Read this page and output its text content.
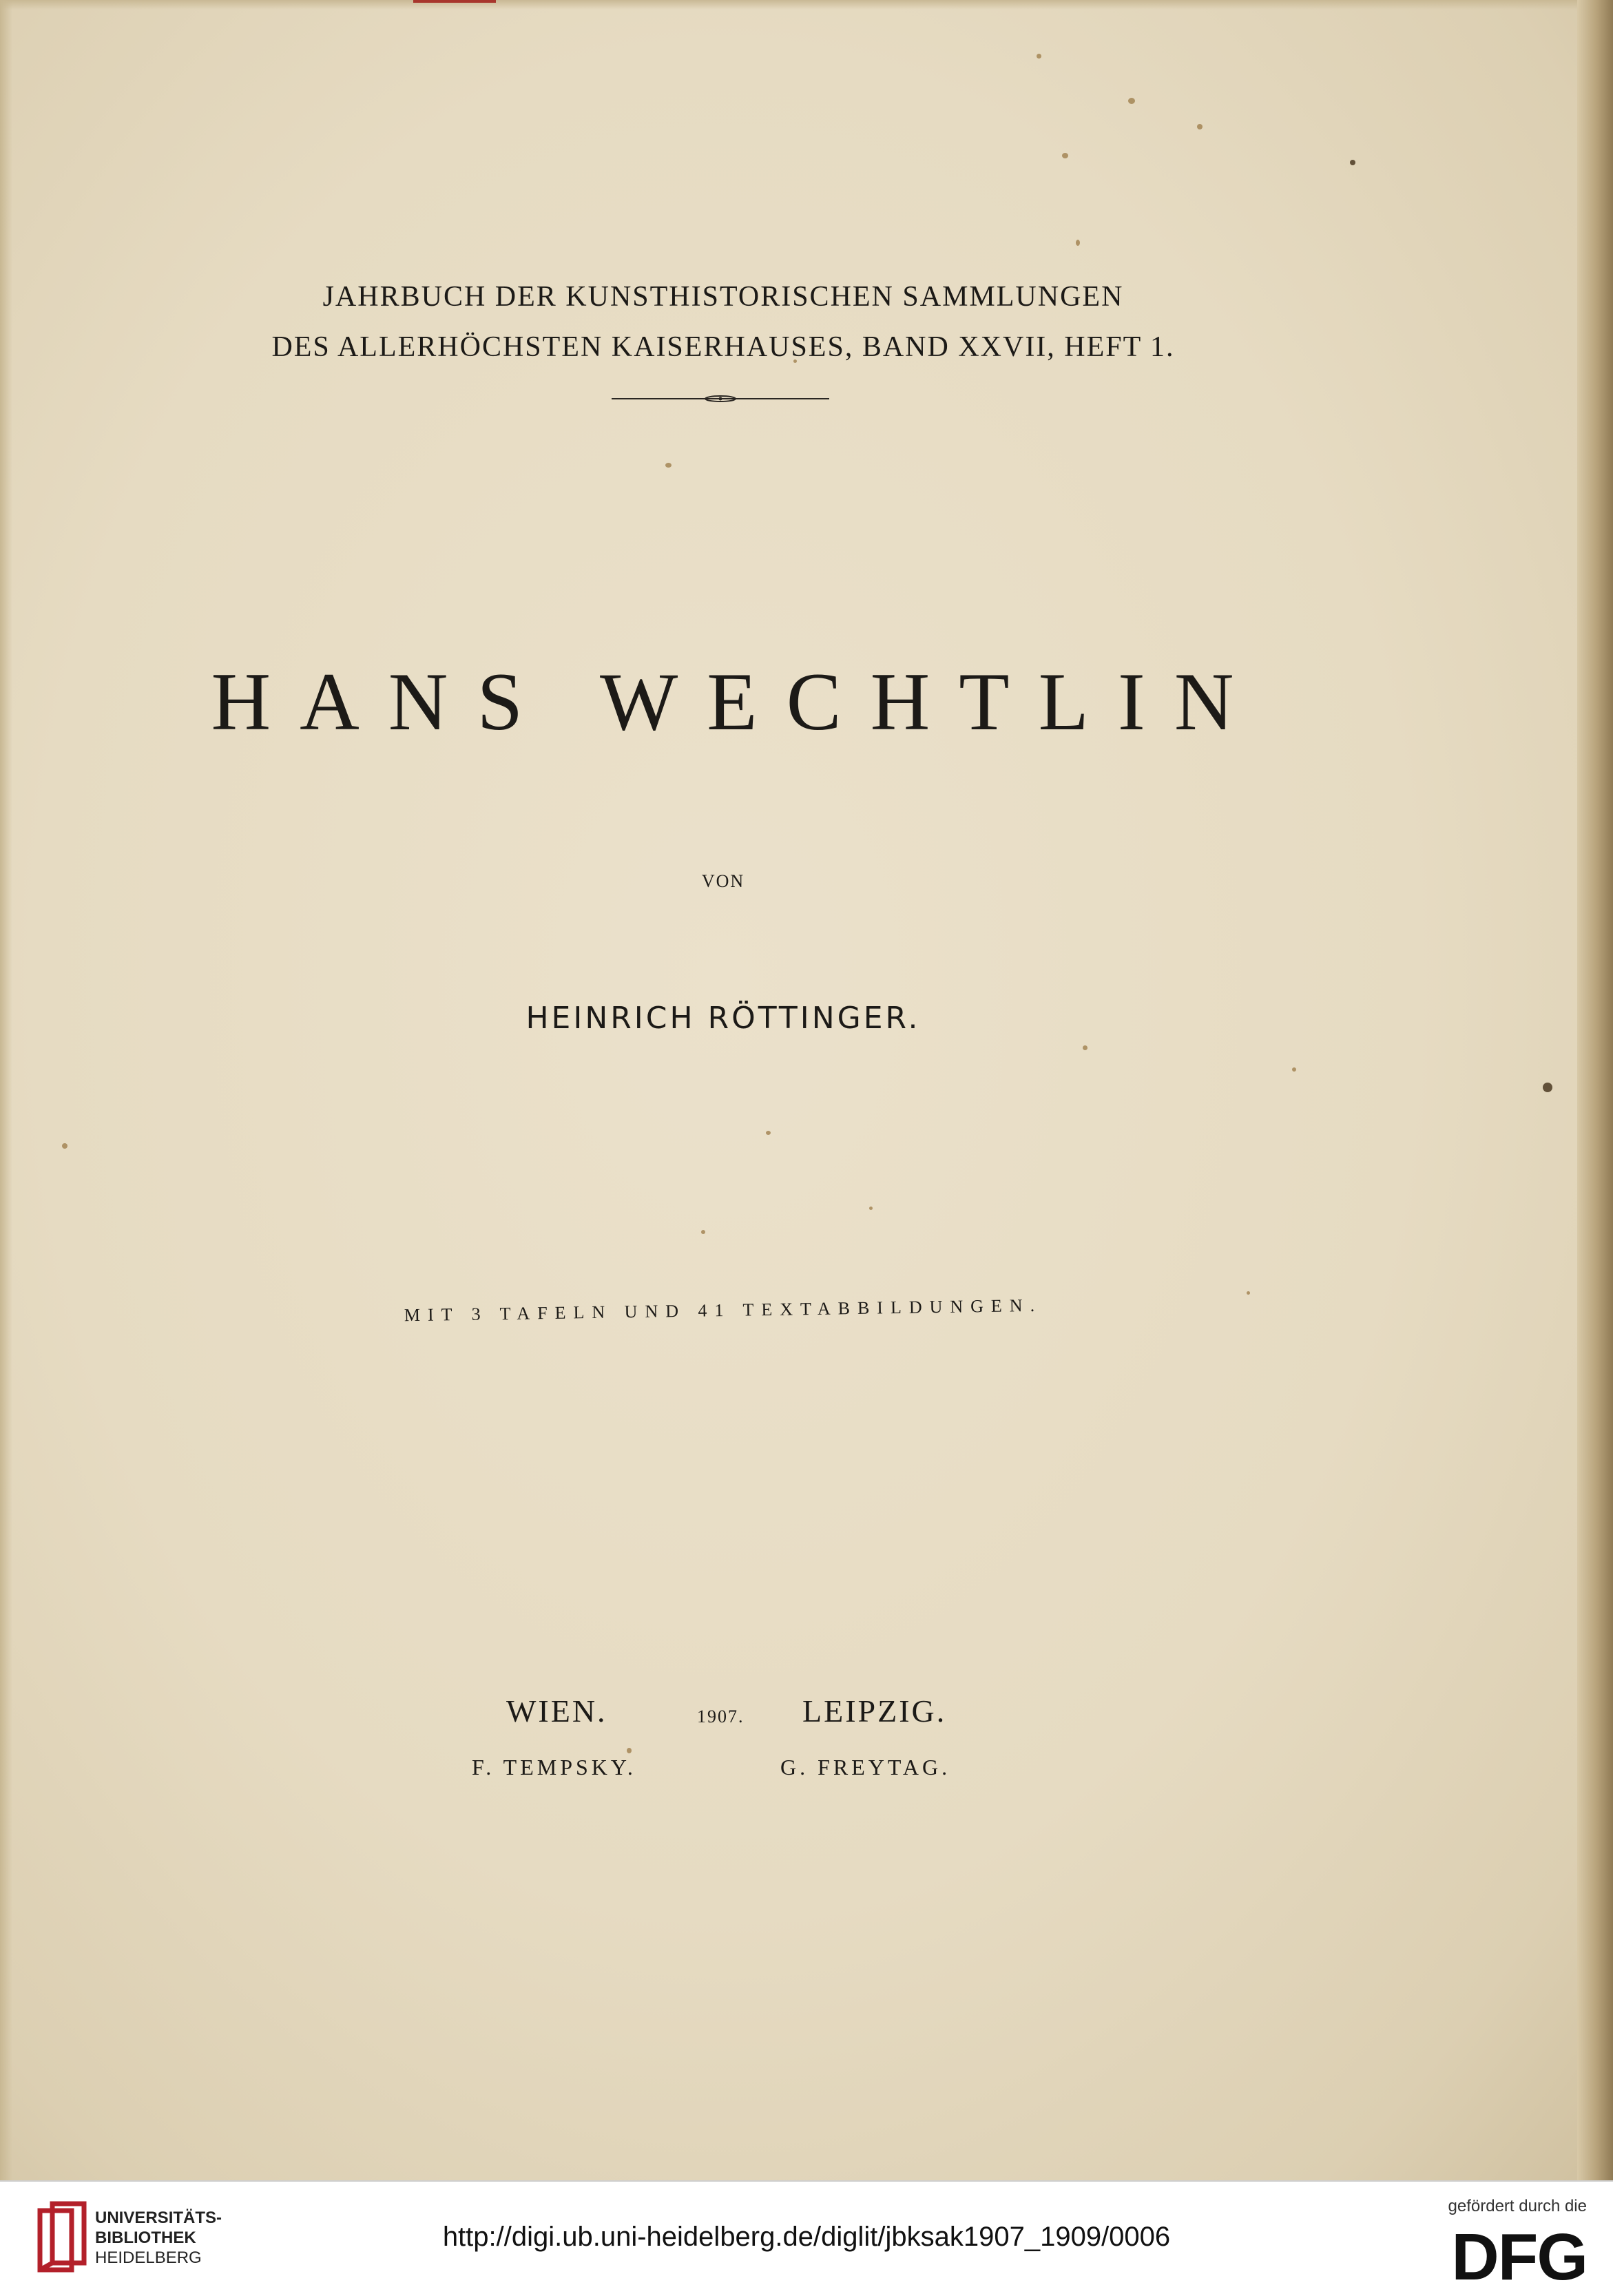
JAHRBUCH DER KUNSTHISTORISCHEN SAMMLUNGEN
DES ALLERHÖCHSTEN KAISERHAUSES, BAND XXVII, HEFT 1.
HANS WECHTLIN
VON
HEINRICH RÖTTINGER.
MIT 3 TAFELN UND 41 TEXTABBILDUNGEN.
WIEN.	1907. LEIPZIG.
F. TEMPSKY.	G. FREYTAG.
UNIVERSITÄTS-
BIBLIOTHEK
HEIDELBERG
http://digi.ub.uni-heidelberg.de/diglit/jbksak1907_1909/0006
gefördert durch die
DFG
